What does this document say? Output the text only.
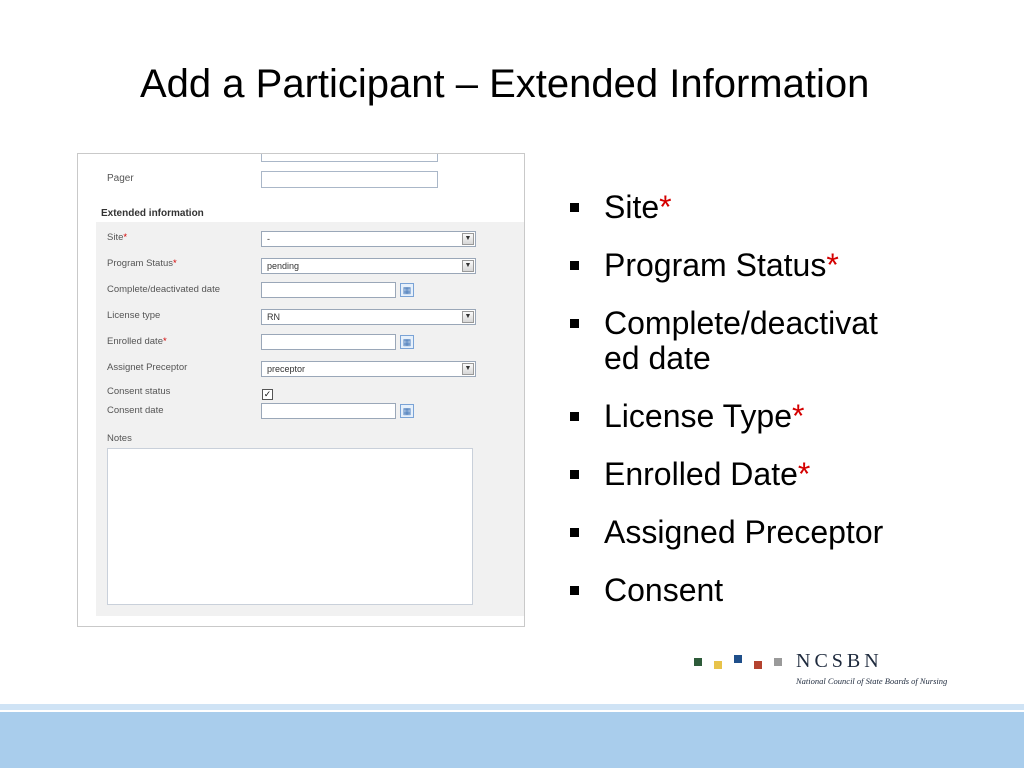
Add a Participant – Extended Information
Pager
Extended information
Site*	-	▼
Program Status*	pending	▼
Complete/deactivated date	▦
License type	RN	▼
Enrolled date*	▦
Assignet Preceptor	preceptor	▼
Consent status	✓
Consent date	▦
Notes
Site*
Program Status*
Complete/deactivat
ed date
License Type*
Enrolled Date*
Assigned Preceptor
Consent
NCSBN
National Council of State Boards of Nursing
